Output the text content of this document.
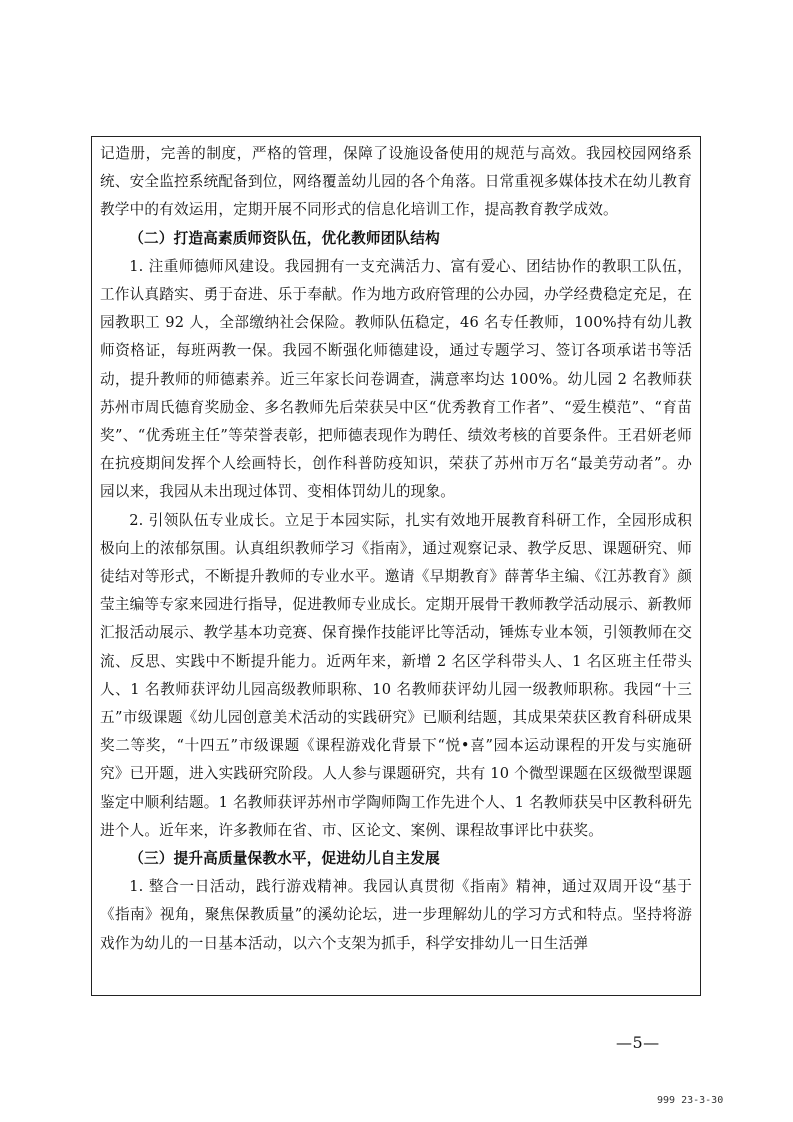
记造册，完善的制度，严格的管理，保障了设施设备使用的规范与高效。我园校园网络系统、安全监控系统配备到位，网络覆盖幼儿园的各个角落。日常重视多媒体技术在幼儿教育教学中的有效运用，定期开展不同形式的信息化培训工作，提高教育教学成效。

（二）打造高素质师资队伍，优化教师团队结构

1. 注重师德师风建设。我园拥有一支充满活力、富有爱心、团结协作的教职工队伍，工作认真踏实、勇于奋进、乐于奉献。作为地方政府管理的公办园，办学经费稳定充足，在园教职工 92 人，全部缴纳社会保险。教师队伍稳定，46 名专任教师，100%持有幼儿教师资格证，每班两教一保。我园不断强化师德建设，通过专题学习、签订各项承诺书等活动，提升教师的师德素养。近三年家长问卷调查，满意率均达 100%。幼儿园 2 名教师获苏州市周氏德育奖励金、多名教师先后荣获吴中区“优秀教育工作者”、“爱生模范”、“育苗奖”、“优秀班主任”等荣誉表彰，把师德表现作为聘任、绩效考核的首要条件。王君妍老师在抗疫期间发挥个人绘画特长，创作科普防疫知识，荣获了苏州市万名“最美劳动者”。办园以来，我园从未出现过体罚、变相体罚幼儿的现象。

2. 引领队伍专业成长。立足于本园实际，扎实有效地开展教育科研工作，全园形成积极向上的浓郁氛围。认真组织教师学习《指南》，通过观察记录、教学反思、课题研究、师徒结对等形式，不断提升教师的专业水平。邀请《早期教育》薛菁华主编、《江苏教育》颜莹主编等专家来园进行指导，促进教师专业成长。定期开展骨干教师教学活动展示、新教师汇报活动展示、教学基本功竞赛、保育操作技能评比等活动，锤炼专业本领，引领教师在交流、反思、实践中不断提升能力。近两年来，新增 2 名区学科带头人、1 名区班主任带头人、1 名教师获评幼儿园高级教师职称、10 名教师获评幼儿园一级教师职称。我园“十三五”市级课题《幼儿园创意美术活动的实践研究》已顺利结题，其成果荣获区教育科研成果奖二等奖，“十四五”市级课题《课程游戏化背景下“悦•喜”园本运动课程的开发与实施研究》已开题，进入实践研究阶段。人人参与课题研究，共有 10 个微型课题在区级微型课题鉴定中顺利结题。1 名教师获评苏州市学陶师陶工作先进个人、1 名教师获吴中区教科研先进个人。近年来，许多教师在省、市、区论文、案例、课程故事评比中获奖。

（三）提升高质量保教水平，促进幼儿自主发展

1. 整合一日活动，践行游戏精神。我园认真贯彻《指南》精神，通过双周开设“基于《指南》视角，聚焦保教质量”的溪幼论坛，进一步理解幼儿的学习方式和特点。坚持将游戏作为幼儿的一日基本活动，以六个支架为抓手，科学安排幼儿一日生活弹

—5—
999 23-3-30
